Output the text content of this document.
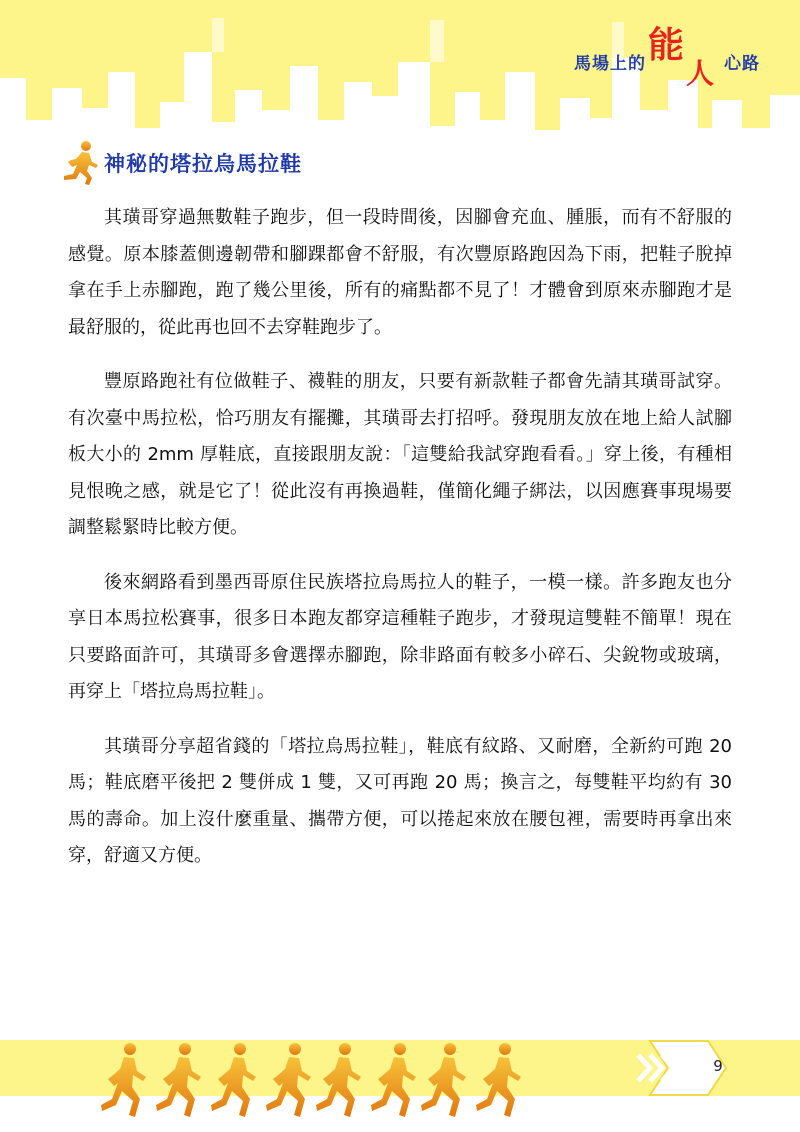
馬場上的 能
人 心路
神秘的塔拉烏馬拉鞋

其璜哥穿過無數鞋子跑步，但一段時間後，因腳會充血、腫脹，而有不舒服的感覺。原本膝蓋側邊韌帶和腳踝都會不舒服，有次豐原路跑因為下雨，把鞋子脫掉拿在手上赤腳跑，跑了幾公里後，所有的痛點都不見了！才體會到原來赤腳跑才是最舒服的，從此再也回不去穿鞋跑步了。

豐原路跑社有位做鞋子、襪鞋的朋友，只要有新款鞋子都會先請其璜哥試穿。有次臺中馬拉松，恰巧朋友有擺攤，其璜哥去打招呼。發現朋友放在地上給人試腳板大小的 2mm 厚鞋底，直接跟朋友說：「這雙給我試穿跑看看。」穿上後，有種相見恨晚之感，就是它了！從此沒有再換過鞋，僅簡化繩子綁法，以因應賽事現場要調整鬆緊時比較方便。

後來網路看到墨西哥原住民族塔拉烏馬拉人的鞋子，一模一樣。許多跑友也分享日本馬拉松賽事，很多日本跑友都穿這種鞋子跑步，才發現這雙鞋不簡單！現在只要路面許可，其璜哥多會選擇赤腳跑，除非路面有較多小碎石、尖銳物或玻璃，再穿上「塔拉烏馬拉鞋」。

其璜哥分享超省錢的「塔拉烏馬拉鞋」，鞋底有紋路、又耐磨，全新約可跑 20 馬；鞋底磨平後把 2 雙併成 1 雙，又可再跑 20 馬；換言之，每雙鞋平均約有 30 馬的壽命。加上沒什麼重量、攜帶方便，可以捲起來放在腰包裡，需要時再拿出來穿，舒適又方便。

9
